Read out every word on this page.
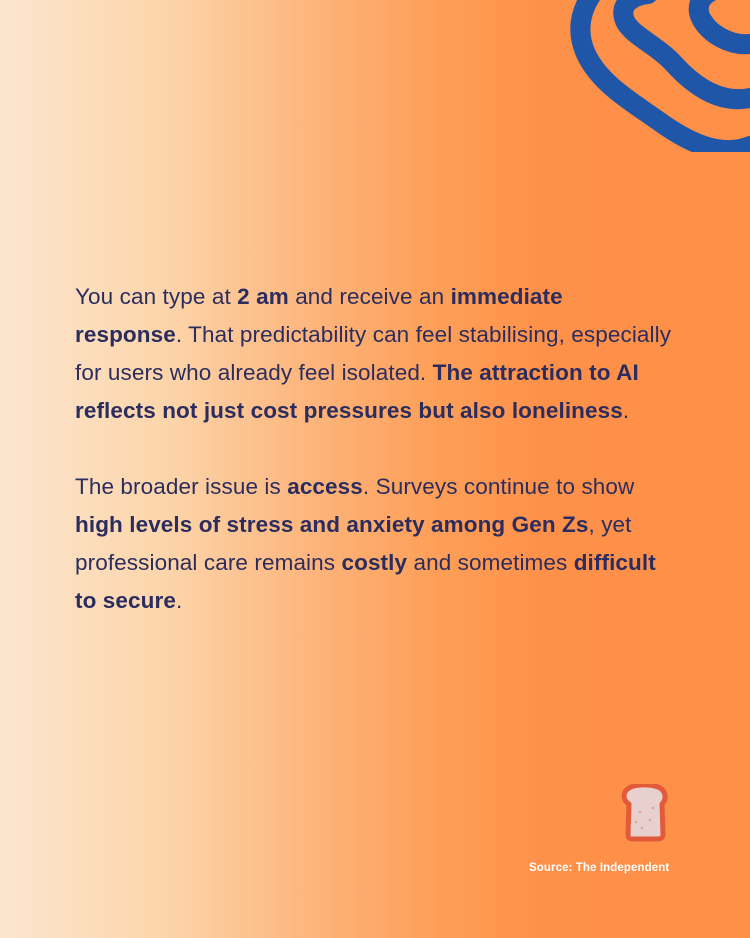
You can type at 2 am and receive an immediate response. That predictability can feel stabilising, especially for users who already feel isolated. The attraction to AI reflects not just cost pressures but also loneliness.

The broader issue is access. Surveys continue to show high levels of stress and anxiety among Gen Zs, yet professional care remains costly and sometimes difficult to secure.

Source: The Independent
